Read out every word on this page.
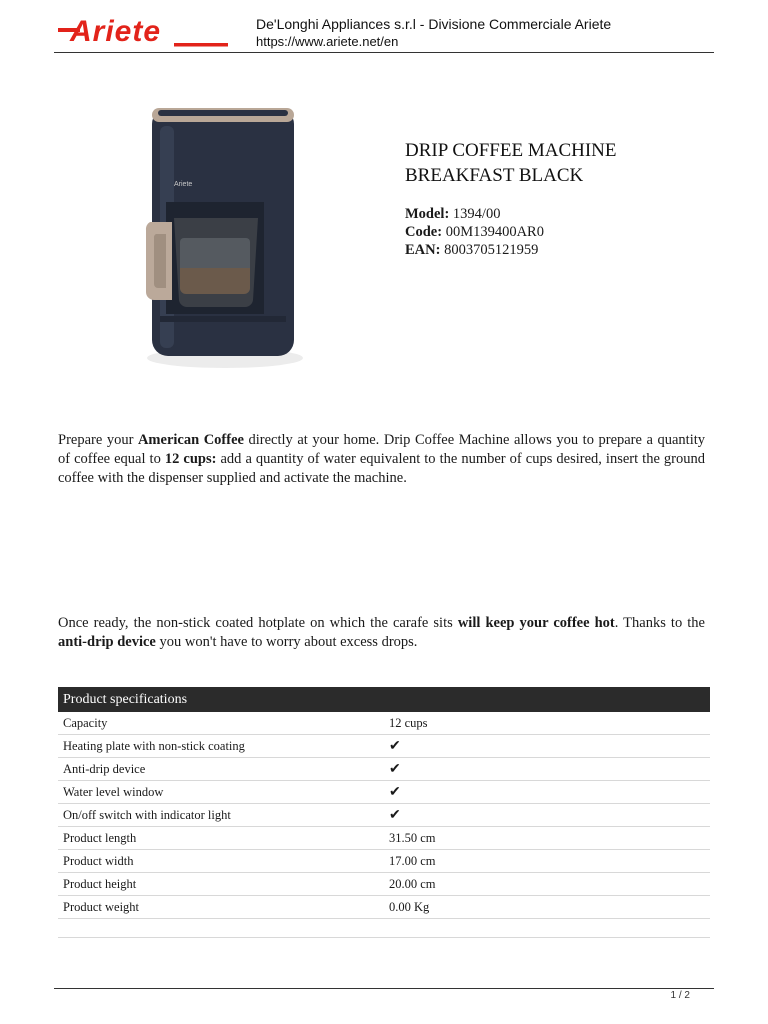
Ariete	De'Longhi Appliances s.r.l - Divisione Commerciale Ariete
https://www.ariete.net/en
Ariete
DRIP COFFEE MACHINE
BREAKFAST BLACK
Model: 1394/00
Code: 00M139400AR0
EAN: 8003705121959

Prepare your American Coffee directly at your home. Drip Coffee Machine allows you to prepare a quantity of coffee equal to 12 cups: add a quantity of water equivalent to the number of cups desired, insert the ground coffee with the dispenser supplied and activate the machine.

Once ready, the non-stick coated hotplate on which the carafe sits will keep your coffee hot. Thanks to the anti-drip device you won't have to worry about excess drops.

Product specifications	
Capacity	12 cups
Heating plate with non-stick coating	✔
Anti-drip device	✔
Water level window	✔
On/off switch with indicator light	✔
Product length	31.50 cm
Product width	17.00 cm
Product height	20.00 cm
Product weight	0.00 Kg
1 / 2
